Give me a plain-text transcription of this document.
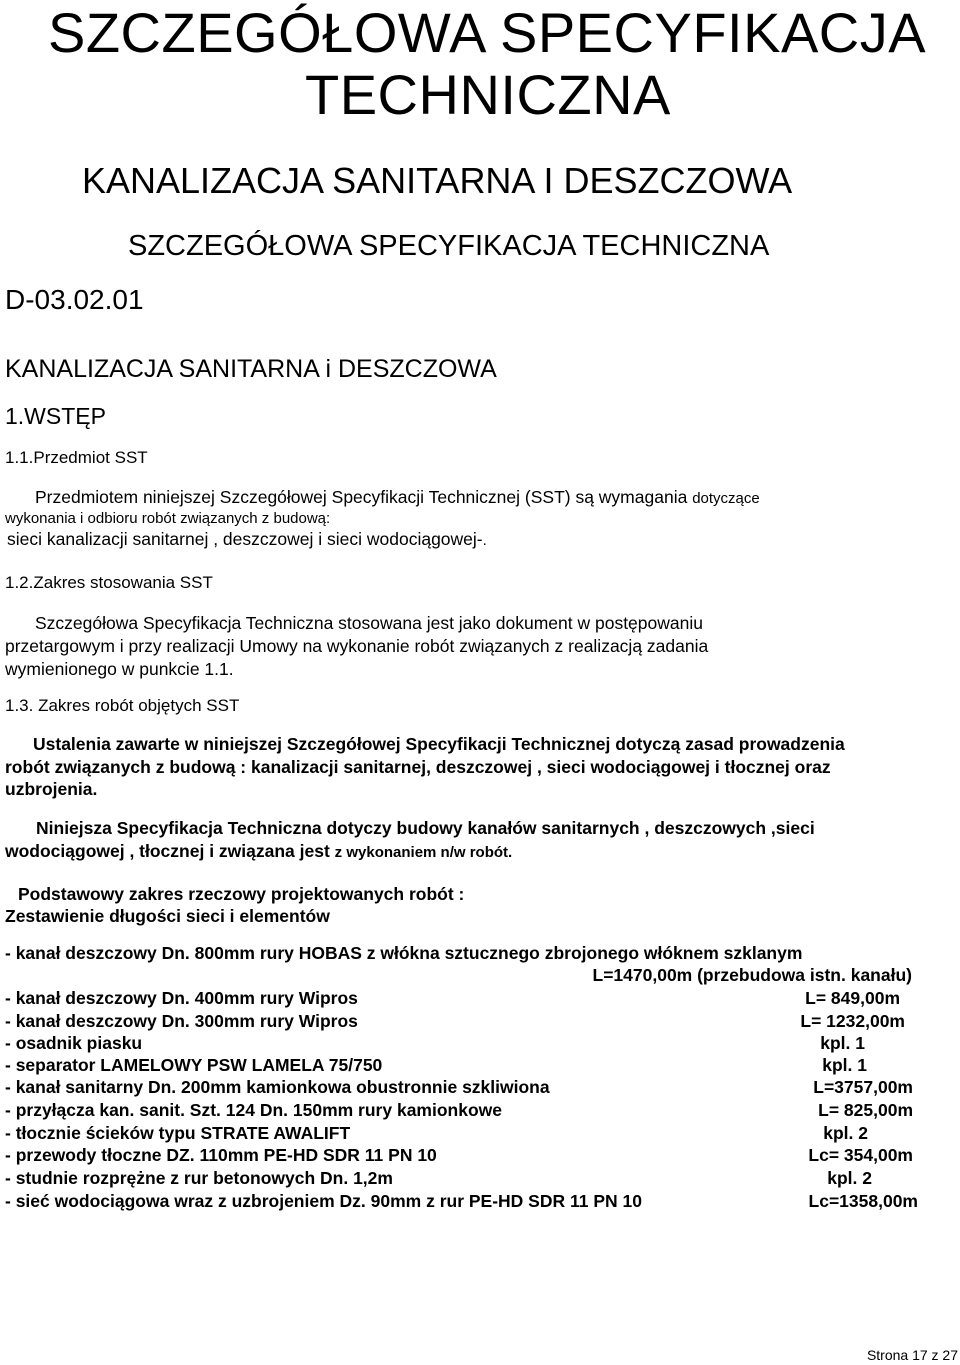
SZCZEGÓŁOWA SPECYFIKACJA
TECHNICZNA
KANALIZACJA SANITARNA I DESZCZOWA
SZCZEGÓŁOWA SPECYFIKACJA TECHNICZNA
D-03.02.01
KANALIZACJA SANITARNA i DESZCZOWA
1.WSTĘP
1.1.Przedmiot SST
Przedmiotem niniejszej Szczegółowej Specyfikacji Technicznej (SST) są wymagania dotyczące
wykonania i odbioru robót związanych z budową:
sieci kanalizacji sanitarnej , deszczowej i sieci wodociągowej-.
1.2.Zakres stosowania SST
Szczegółowa Specyfikacja Techniczna stosowana jest jako dokument w postępowaniu
przetargowym i przy realizacji Umowy na wykonanie robót związanych z realizacją zadania
wymienionego w punkcie 1.1.
1.3. Zakres robót objętych SST
Ustalenia zawarte w niniejszej Szczegółowej Specyfikacji Technicznej dotyczą zasad prowadzenia
robót związanych z budową : kanalizacji sanitarnej, deszczowej , sieci wodociągowej i tłocznej oraz
uzbrojenia.
Niniejsza Specyfikacja Techniczna dotyczy budowy kanałów sanitarnych , deszczowych ,sieci
wodociągowej , tłocznej i związana jest z wykonaniem n/w robót.
Podstawowy zakres rzeczowy projektowanych robót :
Zestawienie długości sieci i elementów
- kanał deszczowy Dn. 800mm rury HOBAS z włókna sztucznego zbrojonego włóknem szklanym
L=1470,00m (przebudowa istn. kanału)
- kanał deszczowy Dn. 400mm rury Wipros	L= 849,00m
- kanał deszczowy Dn. 300mm rury Wipros	L= 1232,00m
- osadnik piasku	kpl. 1
- separator LAMELOWY PSW LAMELA 75/750	kpl. 1
- kanał sanitarny Dn. 200mm kamionkowa obustronnie szkliwiona	L=3757,00m
- przyłącza kan. sanit. Szt. 124 Dn. 150mm rury kamionkowe	L= 825,00m
- tłocznie ścieków typu STRATE AWALIFT	kpl. 2
- przewody tłoczne DZ. 110mm PE-HD SDR 11 PN 10	Lc= 354,00m
- studnie rozprężne z rur betonowych Dn. 1,2m	kpl. 2
- sieć wodociągowa wraz z uzbrojeniem Dz. 90mm z rur PE-HD SDR 11 PN 10	Lc=1358,00m
Strona 17 z 27
